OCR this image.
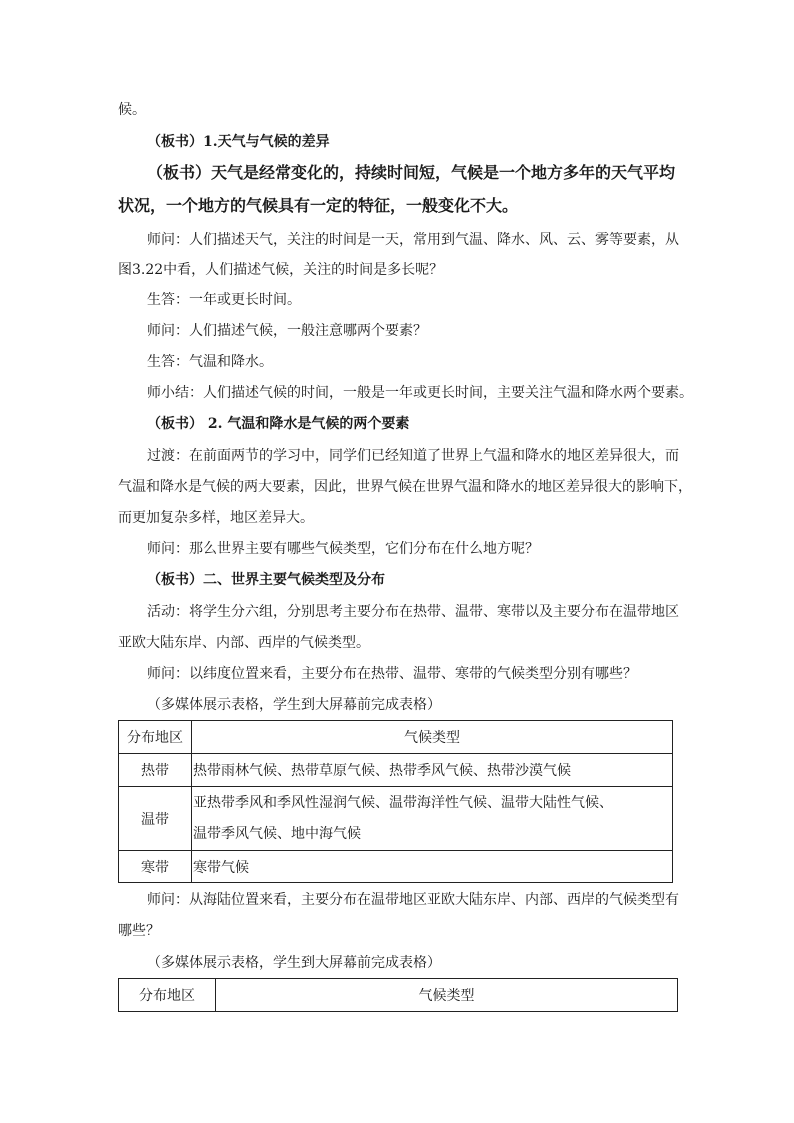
候。
（板书）1.天气与气候的差异
（板书）天气是经常变化的，持续时间短，气候是一个地方多年的天气平均
状况，一个地方的气候具有一定的特征，一般变化不大。
师问：人们描述天气，关注的时间是一天，常用到气温、降水、风、云、雾等要素，从
图3.22中看，人们描述气候，关注的时间是多长呢？
生答：一年或更长时间。
师问：人们描述气候，一般注意哪两个要素？
生答：气温和降水。
师小结：人们描述气候的时间，一般是一年或更长时间，主要关注气温和降水两个要素。
（板书） 2. 气温和降水是气候的两个要素
过渡：在前面两节的学习中，同学们已经知道了世界上气温和降水的地区差异很大，而
气温和降水是气候的两大要素，因此，世界气候在世界气温和降水的地区差异很大的影响下，
而更加复杂多样，地区差异大。
师问：那么世界主要有哪些气候类型，它们分布在什么地方呢？
（板书）二、世界主要气候类型及分布
活动：将学生分六组，分别思考主要分布在热带、温带、寒带以及主要分布在温带地区
亚欧大陆东岸、内部、西岸的气候类型。
师问：以纬度位置来看，主要分布在热带、温带、寒带的气候类型分别有哪些？
（多媒体展示表格，学生到大屏幕前完成表格）
分布地区	气候类型
热带	热带雨林气候、热带草原气候、热带季风气候、热带沙漠气候
温带	亚热带季风和季风性湿润气候、温带海洋性气候、温带大陆性气候、
温带季风气候、地中海气候

寒带	寒带气候
师问：从海陆位置来看，主要分布在温带地区亚欧大陆东岸、内部、西岸的气候类型有
哪些？
（多媒体展示表格，学生到大屏幕前完成表格）
分布地区	气候类型
